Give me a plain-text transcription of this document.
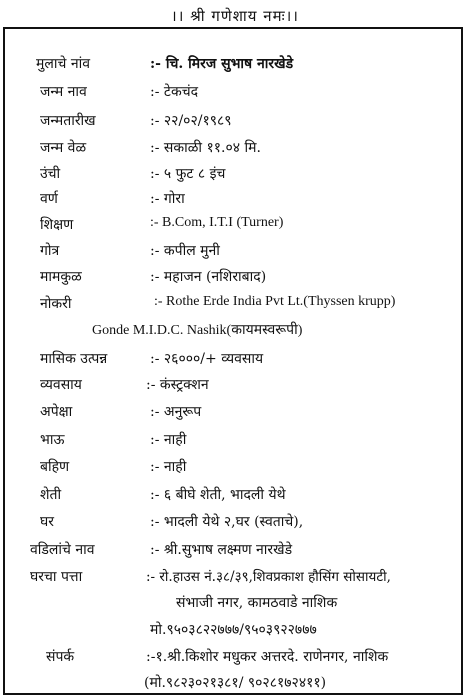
।। श्री गणेशाय नमः।।
मुलाचे नांव	:- चि. मिरज सुभाष नारखेडे
जन्म नाव	:- टेकचंद
जन्मतारीख	:- २२/०२/१९८९
जन्म वेळ	:- सकाळी ११.०४ मि.
उंची	:- ५ फुट ८ इंच
वर्ण	:- गोरा
शिक्षण	:- B.Com, I.T.I (Turner)
गोत्र	:- कपील मुनी
मामकुळ	:- महाजन (नशिराबाद)
नोकरी	:- Rothe Erde India Pvt Lt.(Thyssen krupp)
Gonde M.I.D.C. Nashik(कायमस्वरूपी)
मासिक उत्पन्न	:- २६०००/+ व्यवसाय
व्यवसाय	:- कंस्ट्रक्शन
अपेक्षा	:- अनुरूप
भाऊ	:- नाही
बहिण	:- नाही
शेती	:- ६ बीघे शेती, भादली येथे
घर	:- भादली येथे २,घर (स्वताचे),
वडिलांचे नाव	:- श्री.सुभाष लक्ष्मण नारखेडे
घरचा पत्ता	:- रो.हाउस नं.३८/३९,शिवप्रकाश हौसिंग सोसायटी,
संभाजी नगर, कामठवाडे नाशिक
मो.९५०३८२२७७७/९५०३९२२७७७
संपर्क	:-१.श्री.किशोर मधुकर अत्तरदे. राणेनगर, नाशिक
(मो.९८२३०२१३८१/ ९०२८१७२४११)
